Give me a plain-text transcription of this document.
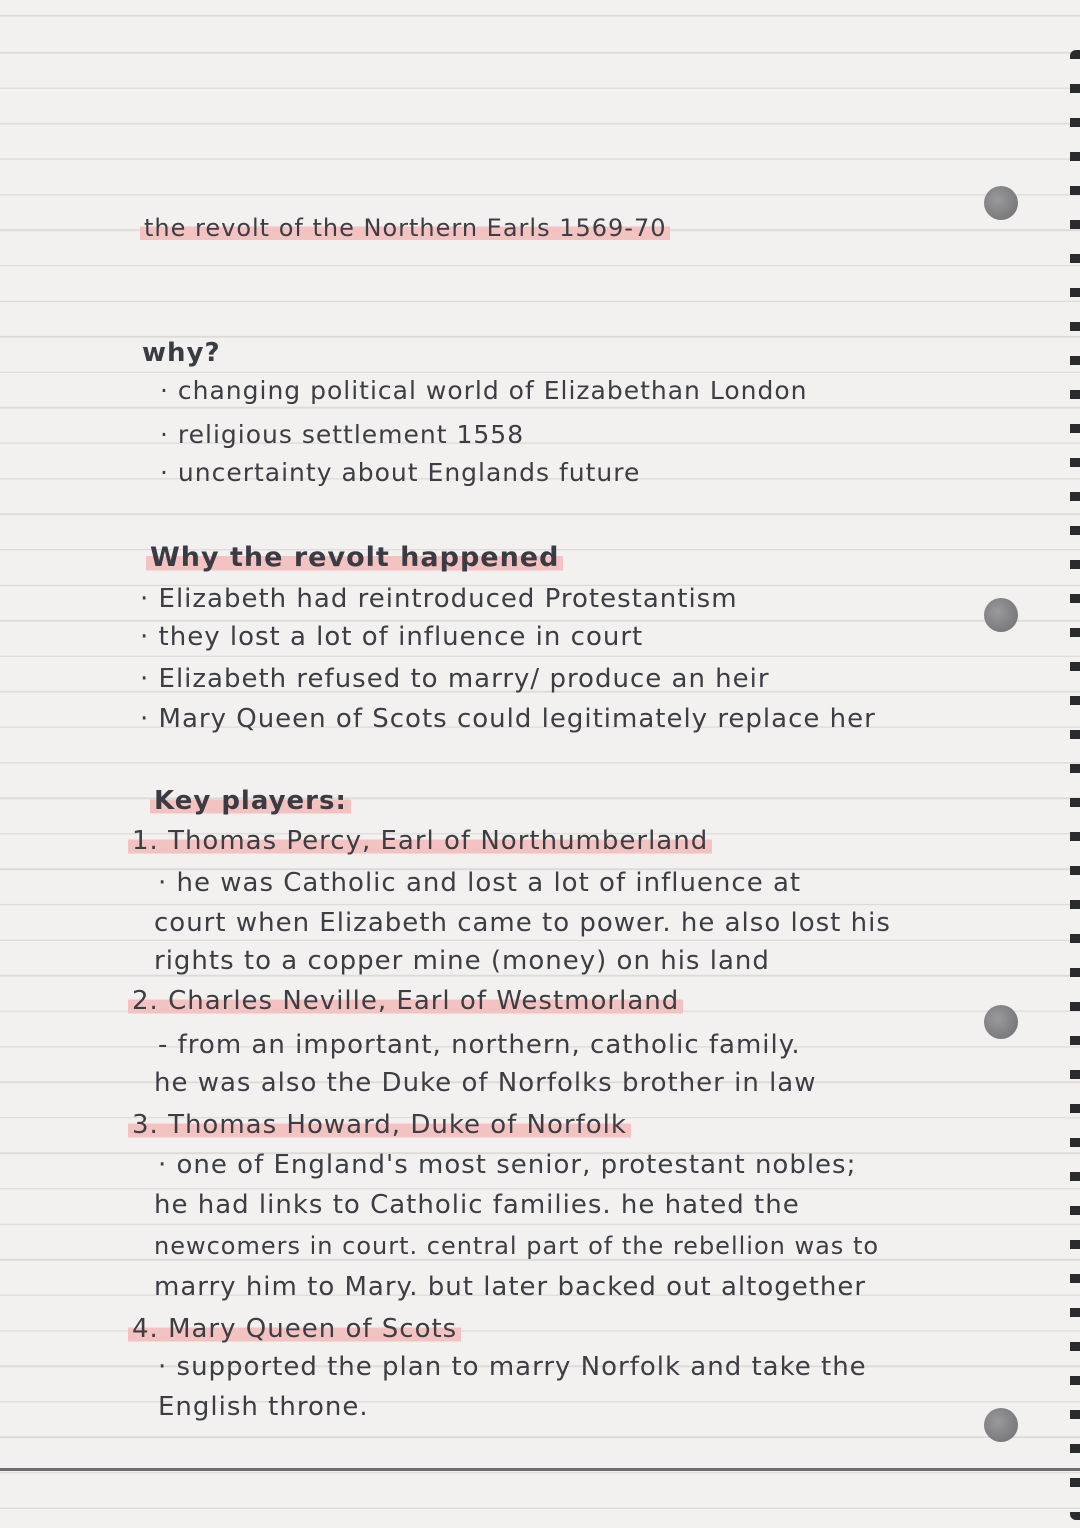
the revolt of the Northern Earls 1569-70
why?
· changing political world of Elizabethan London
· religious settlement 1558
· uncertainty about Englands future
Why the revolt happened
· Elizabeth had reintroduced Protestantism
· they lost a lot of influence in court
· Elizabeth refused to marry/ produce an heir
· Mary Queen of Scots could legitimately replace her
Key players:
1. Thomas Percy, Earl of Northumberland
· he was Catholic and lost a lot of influence at
court when Elizabeth came to power. he also lost his
rights to a copper mine (money) on his land
2. Charles Neville, Earl of Westmorland
- from an important, northern, catholic family.
he was also the Duke of Norfolks brother in law
3. Thomas Howard, Duke of Norfolk
· one of England's most senior, protestant nobles;
he had links to Catholic families. he hated the
newcomers in court. central part of the rebellion was to
marry him to Mary. but later backed out altogether
4. Mary Queen of Scots
· supported the plan to marry Norfolk and take the
English throne.
